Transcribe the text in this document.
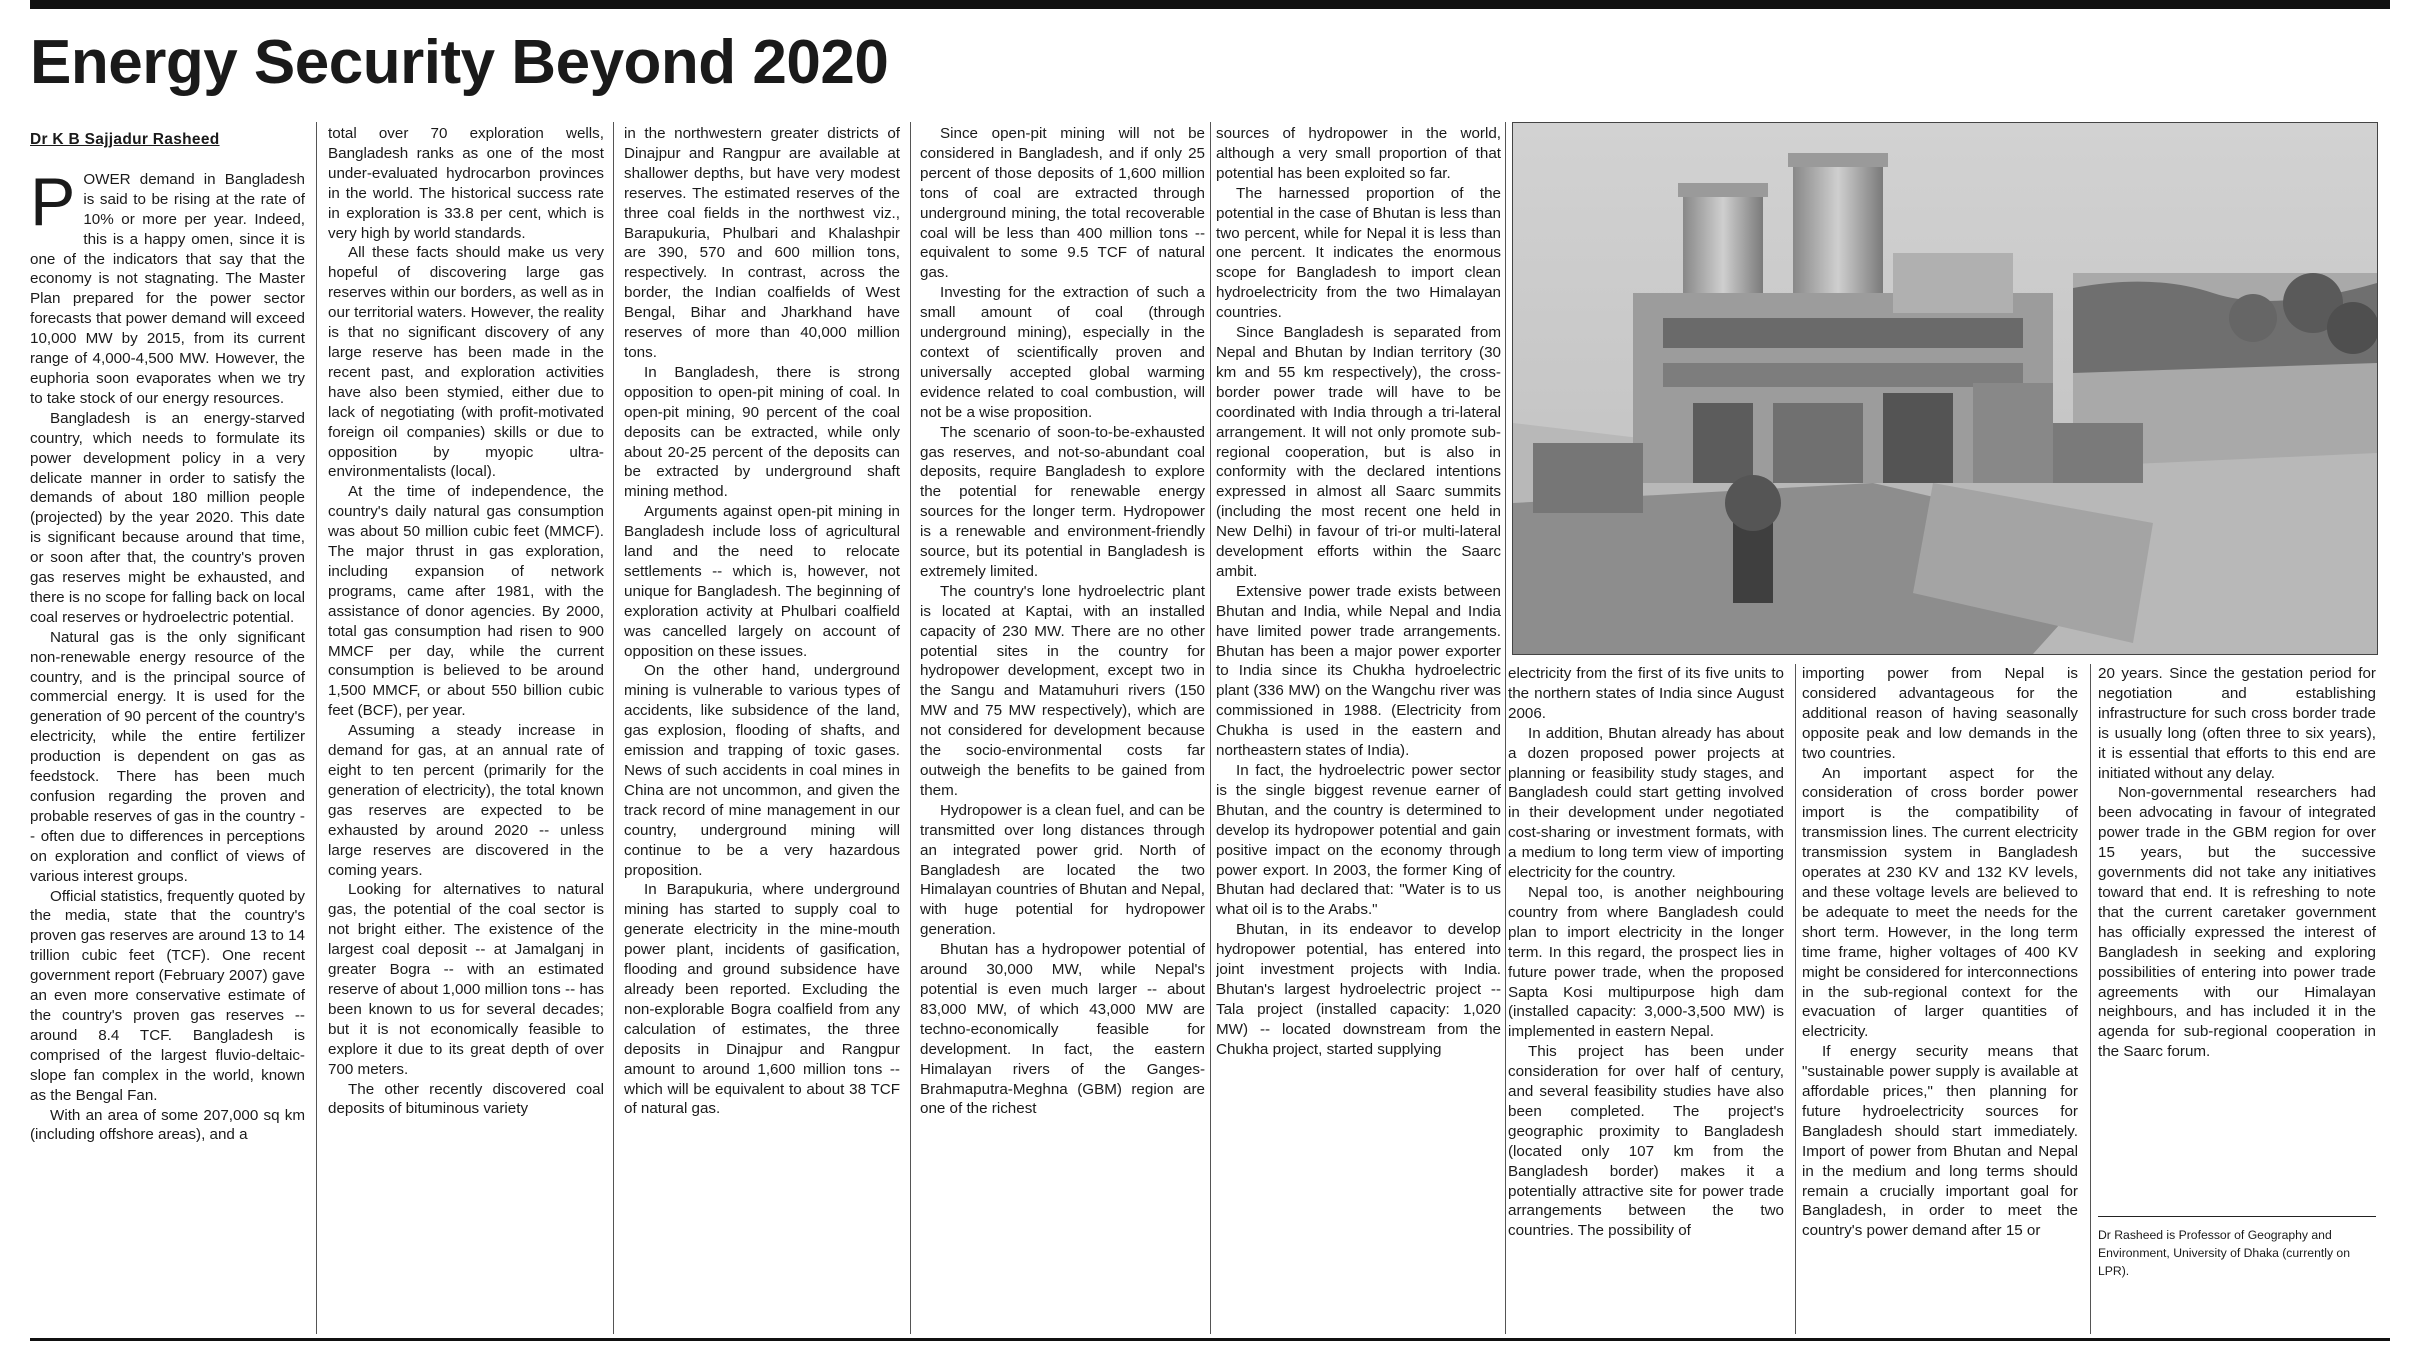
Energy Security Beyond 2020
Dr K B Sajjadur Rasheed

POWER demand in Bangladesh is said to be rising at the rate of 10% or more per year. Indeed, this is a happy omen, since it is one of the indicators that say that the economy is not stagnating. The Master Plan prepared for the power sector forecasts that power demand will exceed 10,000 MW by 2015, from its current range of 4,000-4,500 MW. However, the euphoria soon evaporates when we try to take stock of our energy resources.

Bangladesh is an energy-starved country, which needs to formulate its power development policy in a very delicate manner in order to satisfy the demands of about 180 million people (projected) by the year 2020. This date is significant because around that time, or soon after that, the country's proven gas reserves might be exhausted, and there is no scope for falling back on local coal reserves or hydroelectric potential.

Natural gas is the only significant non-renewable energy resource of the country, and is the principal source of commercial energy. It is used for the generation of 90 percent of the country's electricity, while the entire fertilizer production is dependent on gas as feedstock. There has been much confusion regarding the proven and probable reserves of gas in the country -- often due to differences in perceptions on exploration and conflict of views of various interest groups.

Official statistics, frequently quoted by the media, state that the country's proven gas reserves are around 13 to 14 trillion cubic feet (TCF). One recent government report (February 2007) gave an even more conservative estimate of the country's proven gas reserves -- around 8.4 TCF. Bangladesh is comprised of the largest fluvio-deltaic-slope fan complex in the world, known as the Bengal Fan.

With an area of some 207,000 sq km (including offshore areas), and a

total over 70 exploration wells, Bangladesh ranks as one of the most under-evaluated hydrocarbon provinces in the world. The historical success rate in exploration is 33.8 per cent, which is very high by world standards.

All these facts should make us very hopeful of discovering large gas reserves within our borders, as well as in our territorial waters. However, the reality is that no significant discovery of any large reserve has been made in the recent past, and exploration activities have also been stymied, either due to lack of negotiating (with profit-motivated foreign oil companies) skills or due to opposition by myopic ultra-environmentalists (local).

At the time of independence, the country's daily natural gas consumption was about 50 million cubic feet (MMCF). The major thrust in gas exploration, including expansion of network programs, came after 1981, with the assistance of donor agencies. By 2000, total gas consumption had risen to 900 MMCF per day, while the current consumption is believed to be around 1,500 MMCF, or about 550 billion cubic feet (BCF), per year.

Assuming a steady increase in demand for gas, at an annual rate of eight to ten percent (primarily for the generation of electricity), the total known gas reserves are expected to be exhausted by around 2020 -- unless large reserves are discovered in the coming years.

Looking for alternatives to natural gas, the potential of the coal sector is not bright either. The existence of the largest coal deposit -- at Jamalganj in greater Bogra -- with an estimated reserve of about 1,000 million tons -- has been known to us for several decades; but it is not economically feasible to explore it due to its great depth of over 700 meters.

The other recently discovered coal deposits of bituminous variety

in the northwestern greater districts of Dinajpur and Rangpur are available at shallower depths, but have very modest reserves. The estimated reserves of the three coal fields in the northwest viz., Barapukuria, Phulbari and Khalashpir are 390, 570 and 600 million tons, respectively. In contrast, across the border, the Indian coalfields of West Bengal, Bihar and Jharkhand have reserves of more than 40,000 million tons.

In Bangladesh, there is strong opposition to open-pit mining of coal. In open-pit mining, 90 percent of the coal deposits can be extracted, while only about 20-25 percent of the deposits can be extracted by underground shaft mining method.

Arguments against open-pit mining in Bangladesh include loss of agricultural land and the need to relocate settlements -- which is, however, not unique for Bangladesh. The beginning of exploration activity at Phulbari coalfield was cancelled largely on account of opposition on these issues.

On the other hand, underground mining is vulnerable to various types of accidents, like subsidence of the land, gas explosion, flooding of shafts, and emission and trapping of toxic gases. News of such accidents in coal mines in China are not uncommon, and given the track record of mine management in our country, underground mining will continue to be a very hazardous proposition.

In Barapukuria, where underground mining has started to supply coal to generate electricity in the mine-mouth power plant, incidents of gasification, flooding and ground subsidence have already been reported. Excluding the non-explorable Bogra coalfield from any calculation of estimates, the three deposits in Dinajpur and Rangpur amount to around 1,600 million tons -- which will be equivalent to about 38 TCF of natural gas.

Since open-pit mining will not be considered in Bangladesh, and if only 25 percent of those deposits of 1,600 million tons of coal are extracted through underground mining, the total recoverable coal will be less than 400 million tons -- equivalent to some 9.5 TCF of natural gas.

Investing for the extraction of such a small amount of coal (through underground mining), especially in the context of scientifically proven and universally accepted global warming evidence related to coal combustion, will not be a wise proposition.

The scenario of soon-to-be-exhausted gas reserves, and not-so-abundant coal deposits, require Bangladesh to explore the potential for renewable energy sources for the longer term. Hydropower is a renewable and environment-friendly source, but its potential in Bangladesh is extremely limited.

The country's lone hydroelectric plant is located at Kaptai, with an installed capacity of 230 MW. There are no other potential sites in the country for hydropower development, except two in the Sangu and Matamuhuri rivers (150 MW and 75 MW respectively), which are not considered for development because the socio-environmental costs far outweigh the benefits to be gained from them.

Hydropower is a clean fuel, and can be transmitted over long distances through an integrated power grid. North of Bangladesh are located the two Himalayan countries of Bhutan and Nepal, with huge potential for hydropower generation.

Bhutan has a hydropower potential of around 30,000 MW, while Nepal's potential is even much larger -- about 83,000 MW, of which 43,000 MW are techno-economically feasible for development. In fact, the eastern Himalayan rivers of the Ganges-Brahmaputra-Meghna (GBM) region are one of the richest

sources of hydropower in the world, although a very small proportion of that potential has been exploited so far.

The harnessed proportion of the potential in the case of Bhutan is less than two percent, while for Nepal it is less than one percent. It indicates the enormous scope for Bangladesh to import clean hydroelectricity from the two Himalayan countries.

Since Bangladesh is separated from Nepal and Bhutan by Indian territory (30 km and 55 km respectively), the cross-border power trade will have to be coordinated with India through a tri-lateral arrangement. It will not only promote sub-regional cooperation, but is also in conformity with the declared intentions expressed in almost all Saarc summits (including the most recent one held in New Delhi) in favour of tri-or multi-lateral development efforts within the Saarc ambit.

Extensive power trade exists between Bhutan and India, while Nepal and India have limited power trade arrangements. Bhutan has been a major power exporter to India since its Chukha hydroelectric plant (336 MW) on the Wangchu river was commissioned in 1988. (Electricity from Chukha is used in the eastern and northeastern states of India).

In fact, the hydroelectric power sector is the single biggest revenue earner of Bhutan, and the country is determined to develop its hydropower potential and gain positive impact on the economy through power export. In 2003, the former King of Bhutan had declared that: "Water is to us what oil is to the Arabs."

Bhutan, in its endeavor to develop hydropower potential, has entered into joint investment projects with India. Bhutan's largest hydroelectric project -- Tala project (installed capacity: 1,020 MW) -- located downstream from the Chukha project, started supplying

electricity from the first of its five units to the northern states of India since August 2006.

In addition, Bhutan already has about a dozen proposed power projects at planning or feasibility study stages, and Bangladesh could start getting involved in their development under negotiated cost-sharing or investment formats, with a medium to long term view of importing electricity for the country.

Nepal too, is another neighbouring country from where Bangladesh could plan to import electricity in the longer term. In this regard, the prospect lies in future power trade, when the proposed Sapta Kosi multipurpose high dam (installed capacity: 3,000-3,500 MW) is implemented in eastern Nepal.

This project has been under consideration for over half of century, and several feasibility studies have also been completed. The project's geographic proximity to Bangladesh (located only 107 km from the Bangladesh border) makes it a potentially attractive site for power trade arrangements between the two countries. The possibility of

importing power from Nepal is considered advantageous for the additional reason of having seasonally opposite peak and low demands in the two countries.

An important aspect for the consideration of cross border power import is the compatibility of transmission lines. The current electricity transmission system in Bangladesh operates at 230 KV and 132 KV levels, and these voltage levels are believed to be adequate to meet the needs for the short term. However, in the long term time frame, higher voltages of 400 KV might be considered for interconnections in the sub-regional context for the evacuation of larger quantities of electricity.

If energy security means that "sustainable power supply is available at affordable prices," then planning for future hydroelectricity sources for Bangladesh should start immediately. Import of power from Bhutan and Nepal in the medium and long terms should remain a crucially important goal for Bangladesh, in order to meet the country's power demand after 15 or

20 years. Since the gestation period for negotiation and establishing infrastructure for such cross border trade is usually long (often three to six years), it is essential that efforts to this end are initiated without any delay.

Non-governmental researchers had been advocating in favour of integrated power trade in the GBM region for over 15 years, but the successive governments did not take any initiatives toward that end. It is refreshing to note that the current caretaker government has officially expressed the interest of Bangladesh in seeking and exploring possibilities of entering into power trade agreements with our Himalayan neighbours, and has included it in the agenda for sub-regional cooperation in the Saarc forum.

Dr Rasheed is Professor of Geography and Environment, University of Dhaka (currently on LPR).
